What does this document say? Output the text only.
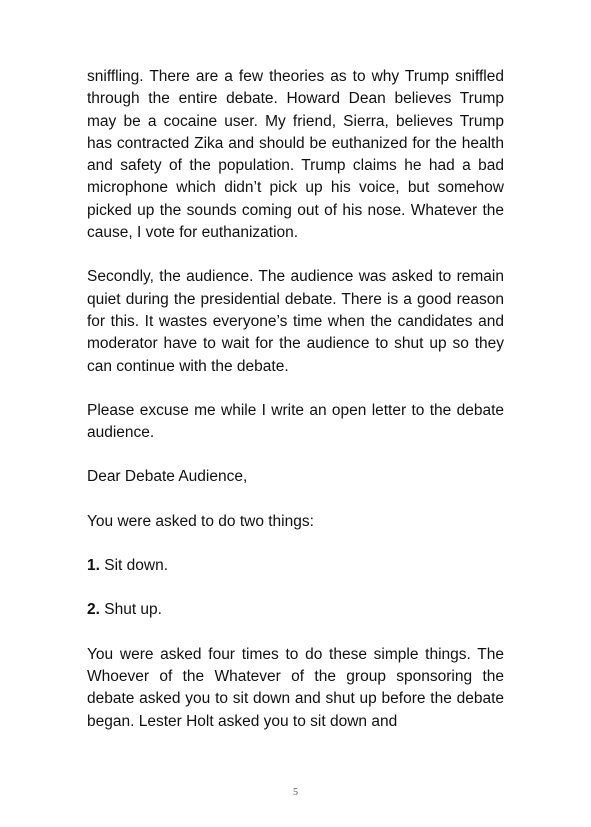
sniffling. There are a few theories as to why Trump sniffled through the entire debate. Howard Dean believes Trump may be a cocaine user. My friend, Sierra, believes Trump has contracted Zika and should be euthanized for the health and safety of the population. Trump claims he had a bad microphone which didn’t pick up his voice, but somehow picked up the sounds coming out of his nose. Whatever the cause, I vote for euthanization.

Secondly, the audience. The audience was asked to remain quiet during the presidential debate. There is a good reason for this. It wastes everyone’s time when the candidates and moderator have to wait for the audience to shut up so they can continue with the debate.

Please excuse me while I write an open letter to the debate audience.

Dear Debate Audience,

You were asked to do two things:

1. Sit down.

2. Shut up.

You were asked four times to do these simple things. The Whoever of the Whatever of the group sponsoring the debate asked you to sit down and shut up before the debate began. Lester Holt asked you to sit down and

5
